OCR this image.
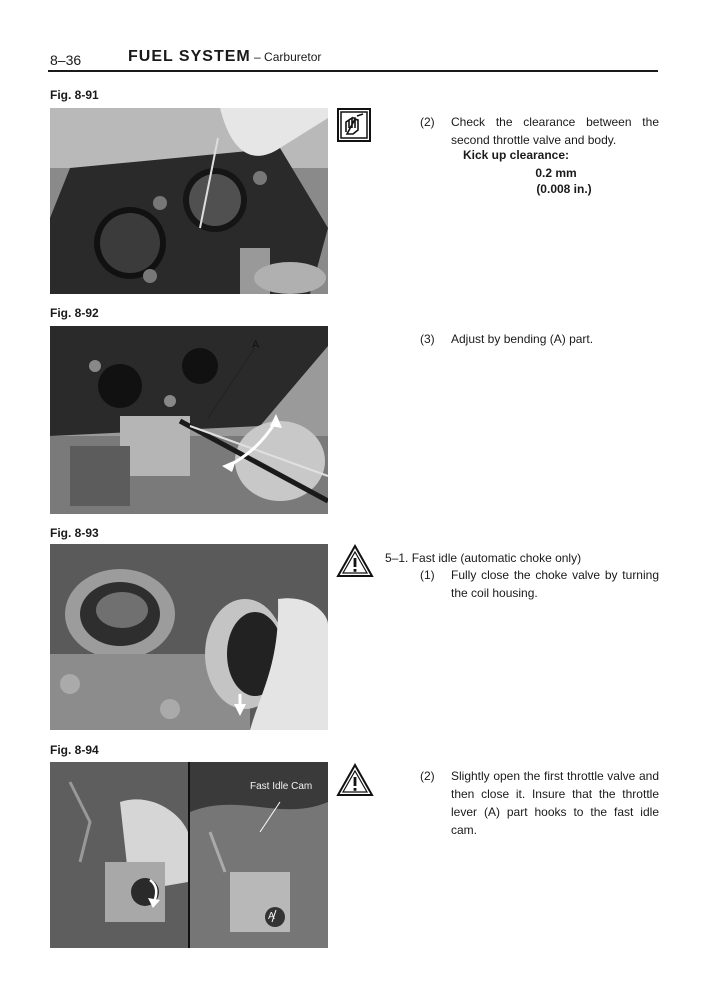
8–36	FUEL SYSTEM – Carburetor
Fig. 8-91
(2)	Check the clearance between the second throttle valve and body.
Kick up clearance:
0.2 mm
(0.008 in.)
Fig. 8-92
A	(3)	Adjust by bending (A) part.
Fig. 8-93
5–1. Fast idle (automatic choke only)
(1)	Fully close the choke valve by turning the coil housing.
Fig. 8-94
Fast Idle Cam
A
(2)	Slightly open the first throttle valve and then close it. Insure that the throttle lever (A) part hooks to the fast idle cam.
